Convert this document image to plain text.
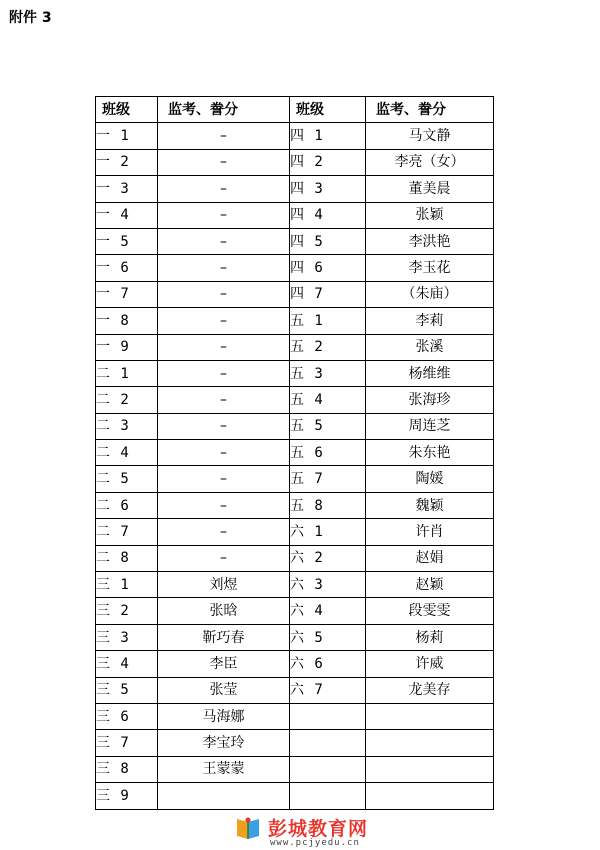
附件 3
班级	监考、誊分	班级	监考、誊分
一 1	–	四 1	马文静
一 2	–	四 2	李亮（女）
一 3	–	四 3	董美晨
一 4	–	四 4	张颖
一 5	–	四 5	李洪艳
一 6	–	四 6	李玉花
一 7	–	四 7	（朱庙）
一 8	–	五 1	李莉
一 9	–	五 2	张溪
二 1	–	五 3	杨维维
二 2	–	五 4	张海珍
二 3	–	五 5	周连芝
二 4	–	五 6	朱东艳
二 5	–	五 7	陶媛
二 6	–	五 8	魏颖
二 7	–	六 1	许肖
二 8	–	六 2	赵娟
三 1	刘煜	六 3	赵颖
三 2	张晗	六 4	段雯雯
三 3	靳巧春	六 5	杨莉
三 4	李臣	六 6	许威
三 5	张莹	六 7	龙美存
三 6	马海娜		
三 7	李宝玲		
三 8	王蒙蒙		
三 9			
彭城教育网
www.pcjyedu.cn
